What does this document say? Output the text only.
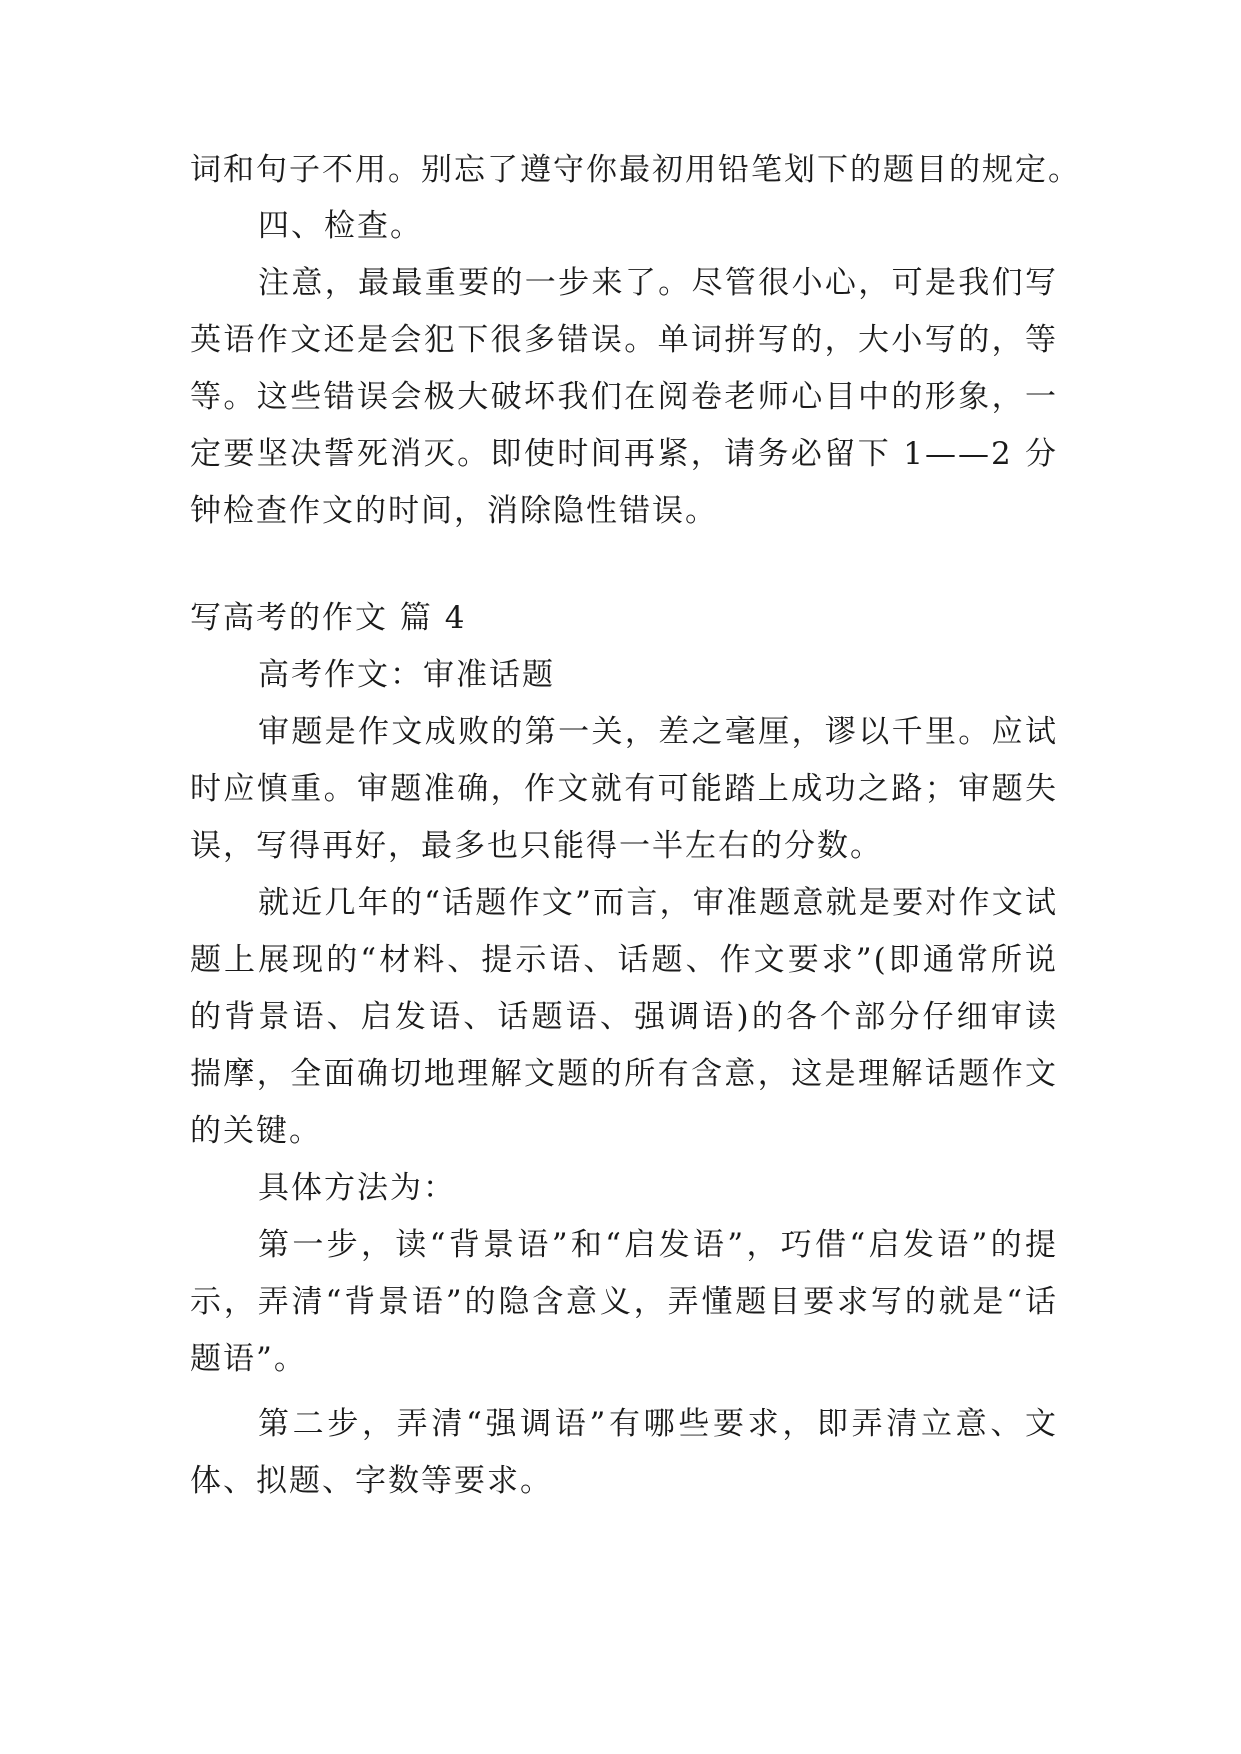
词和句子不用。别忘了遵守你最初用铅笔划下的题目的规定。

四、检查。

注意，最最重要的一步来了。尽管很小心，可是我们写英语作文还是会犯下很多错误。单词拼写的，大小写的，等等。这些错误会极大破坏我们在阅卷老师心目中的形象，一定要坚决誓死消灭。即使时间再紧，请务必留下 1——2 分钟检查作文的时间，消除隐性错误。

写高考的作文 篇 4

高考作文：审准话题

审题是作文成败的第一关，差之毫厘，谬以千里。应试时应慎重。审题准确，作文就有可能踏上成功之路；审题失误，写得再好，最多也只能得一半左右的分数。

就近几年的“话题作文”而言，审准题意就是要对作文试题上展现的“材料、提示语、话题、作文要求”(即通常所说的背景语、启发语、话题语、强调语)的各个部分仔细审读揣摩，全面确切地理解文题的所有含意，这是理解话题作文的关键。

具体方法为：

第一步，读“背景语”和“启发语”，巧借“启发语”的提示，弄清“背景语”的隐含意义，弄懂题目要求写的就是“话题语”。

第二步，弄清“强调语”有哪些要求，即弄清立意、文体、拟题、字数等要求。
